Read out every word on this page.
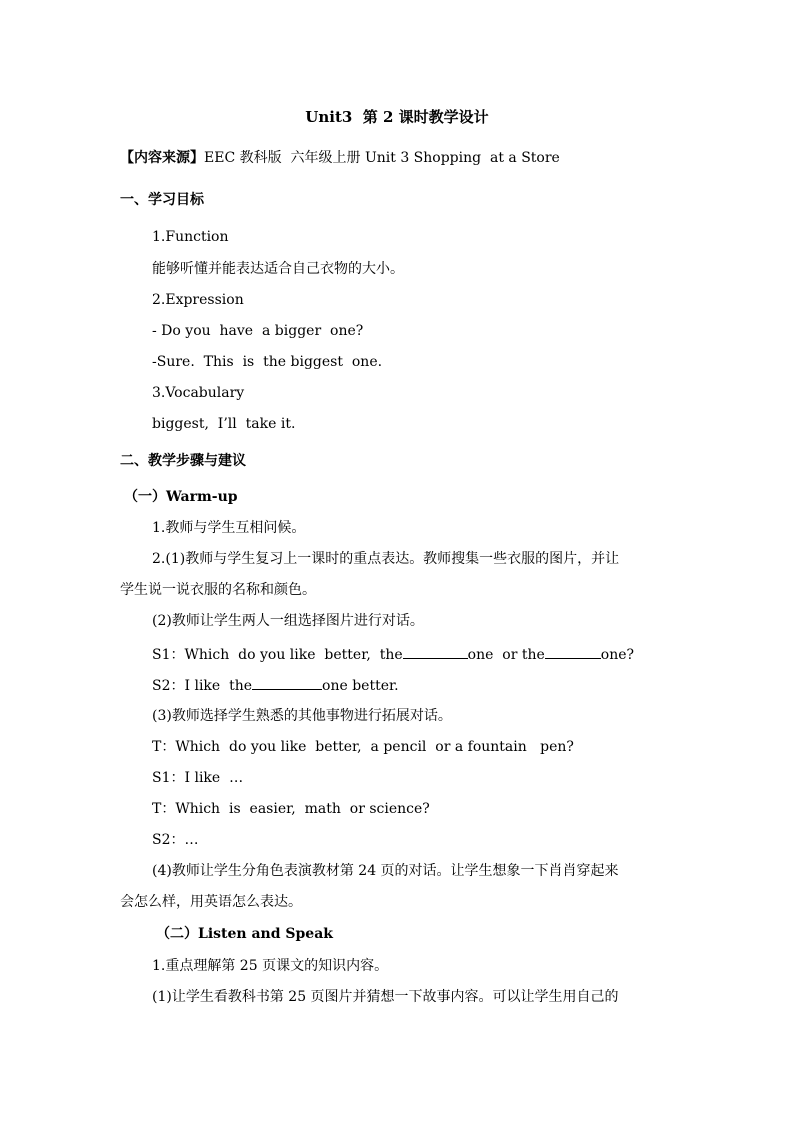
Unit3  第 2 课时教学设计
【内容来源】EEC 教科版  六年级上册 Unit 3 Shopping  at a Store
一、学习目标
1.Function
能够听懂并能表达适合自己衣物的大小。
2.Expression
- Do you  have  a bigger  one?
-Sure.  This  is  the biggest  one.
3.Vocabulary
biggest,  I’ll  take it.
二、教学步骤与建议
（一）Warm-up
1.教师与学生互相问候。
2.(1)教师与学生复习上一课时的重点表达。教师搜集一些衣服的图片，并让
学生说一说衣服的名称和颜色。
(2)教师让学生两人一组选择图片进行对话。
S1：Which  do you like  better,  the	one  or the	one?
S2：I like  the	one better.
(3)教师选择学生熟悉的其他事物进行拓展对话。
T：Which  do you like  better,  a pencil  or a fountain   pen?
S1：I like  …
T：Which  is  easier,  math  or science?
S2：…
(4)教师让学生分角色表演教材第 24 页的对话。让学生想象一下肖肖穿起来
会怎么样，用英语怎么表达。
（二）Listen and Speak
1.重点理解第 25 页课文的知识内容。
(1)让学生看教科书第 25 页图片并猜想一下故事内容。可以让学生用自己的
